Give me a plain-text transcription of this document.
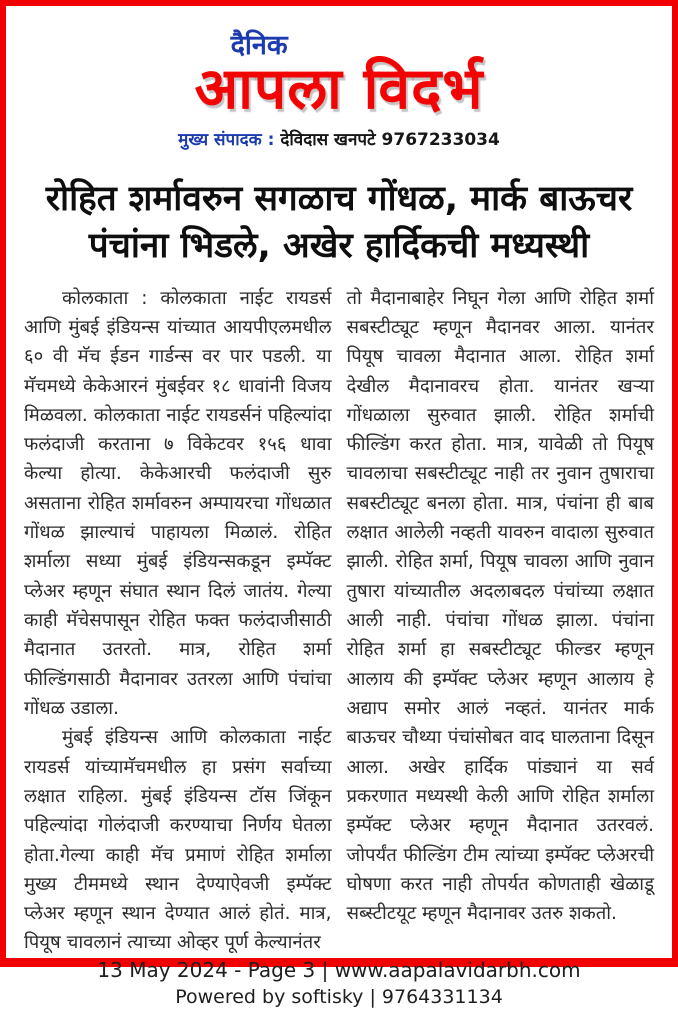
दैनिक
आपला विदर्भ
मुख्य संपादक : देविदास खनपटे 9767233034
रोहित शर्मावरुन सगळाच गोंधळ, मार्क बाऊचर
पंचांना भिडले, अखेर हार्दिकची मध्यस्थी

कोलकाता : कोलकाता नाईट रायडर्स आणि मुंबई इंडियन्स यांच्यात आयपीएलमधील ६० वी मॅच ईडन गार्डन्स वर पार पडली. या मॅचमध्ये केकेआरनं मुंबईवर १८ धावांनी विजय मिळवला. कोलकाता नाईट रायडर्सनं पहिल्यांदा फलंदाजी करताना ७ विकेटवर १५६ धावा केल्या होत्या. केकेआरची फलंदाजी सुरु असताना रोहित शर्मावरुन अम्पायरचा गोंधळात गोंधळ झाल्याचं पाहायला मिळालं. रोहित शर्माला सध्या मुंबई इंडियन्सकडून इम्पॅक्ट प्लेअर म्हणून संघात स्थान दिलं जातंय. गेल्या काही मॅचेसपासून रोहित फक्त फलंदाजीसाठी मैदानात उतरतो. मात्र, रोहित शर्मा फील्डिंगसाठी मैदानावर उतरला आणि पंचांचा गोंधळ उडाला.

मुंबई इंडियन्स आणि कोलकाता नाईट रायडर्स यांच्यामॅचमधील हा प्रसंग सर्वाच्या लक्षात राहिला. मुंबई इंडियन्स टॉस जिंकून पहिल्यांदा गोलंदाजी करण्याचा निर्णय घेतला होता.गेल्या काही मॅच प्रमाणं रोहित शर्माला मुख्य टीममध्ये स्थान देण्याऐवजी इम्पॅक्ट प्लेअर म्हणून स्थान देण्यात आलं होतं. मात्र, पियूष चावलानं त्याच्या ओव्हर पूर्ण केल्यानंतर

तो मैदानाबाहेर निघून गेला आणि रोहित शर्मा सबस्टीट्यूट म्हणून मैदानवर आला. यानंतर पियूष चावला मैदानात आला. रोहित शर्मा देखील मैदानावरच होता. यानंतर खऱ्या गोंधळाला सुरुवात झाली. रोहित शर्माची फील्डिंग करत होता. मात्र, यावेळी तो पियूष चावलाचा सबस्टीट्यूट नाही तर नुवान तुषाराचा सबस्टीट्यूट बनला होता. मात्र, पंचांना ही बाब लक्षात आलेली नव्हती यावरुन वादाला सुरुवात झाली. रोहित शर्मा, पियूष चावला आणि नुवान तुषारा यांच्यातील अदलाबदल पंचांच्या लक्षात आली नाही. पंचांचा गोंधळ झाला. पंचांना रोहित शर्मा हा सबस्टीट्यूट फील्डर म्हणून आलाय की इम्पॅक्ट प्लेअर म्हणून आलाय हे अद्याप समोर आलं नव्हतं. यानंतर मार्क बाऊचर चौथ्या पंचांसोबत वाद घालताना दिसून आला. अखेर हार्दिक पांड्यानं या सर्व प्रकरणात मध्यस्थी केली आणि रोहित शर्माला इम्पॅक्ट प्लेअर म्हणून मैदानात उतरवलं. जोपर्यंत फील्डिंग टीम त्यांच्या इम्पॅक्ट प्लेअरची घोषणा करत नाही तोपर्यत कोणताही खेळाडू सब्स्टीटयूट म्हणून मैदानावर उतरु शकतो.

13 May 2024 - Page 3 | www.aapalavidarbh.com
Powered by softisky | 9764331134
